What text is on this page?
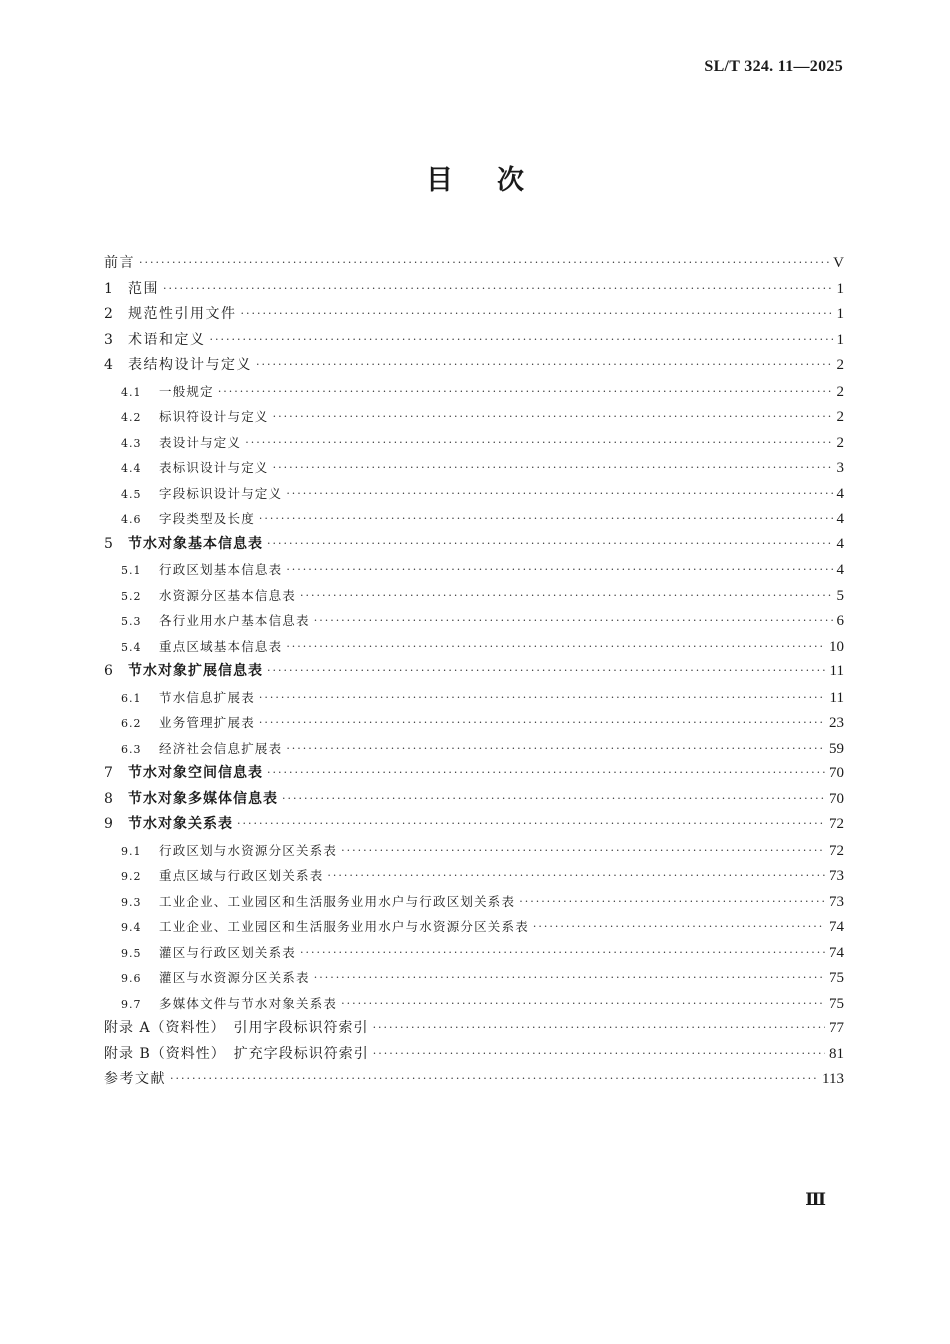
SL/T 324. 11—2025
目 次
前言 ·····	V
1	范围 ·····	1
2	规范性引用文件 ·····	1
3	术语和定义 ·····	1
4	表结构设计与定义 ·····	2
4.1	一般规定 ·····	2
4.2	标识符设计与定义 ·····	2
4.3	表设计与定义 ·····	2
4.4	表标识设计与定义 ·····	3
4.5	字段标识设计与定义 ·····	4
4.6	字段类型及长度 ·····	4
5	节水对象基本信息表 ·····	4
5.1	行政区划基本信息表 ·····	4
5.2	水资源分区基本信息表 ·····	5
5.3	各行业用水户基本信息表 ·····	6
5.4	重点区域基本信息表 ·····	10
6	节水对象扩展信息表 ·····	11
6.1	节水信息扩展表 ·····	11
6.2	业务管理扩展表 ·····	23
6.3	经济社会信息扩展表 ·····	59
7	节水对象空间信息表 ·····	70
8	节水对象多媒体信息表 ·····	70
9	节水对象关系表 ·····	72
9.1	行政区划与水资源分区关系表 ·····	72
9.2	重点区域与行政区划关系表 ·····	73
9.3	工业企业、工业园区和生活服务业用水户与行政区划关系表 ·····	73
9.4	工业企业、工业园区和生活服务业用水户与水资源分区关系表 ·····	74
9.5	灌区与行政区划关系表 ·····	74
9.6	灌区与水资源分区关系表 ·····	75
9.7	多媒体文件与节水对象关系表 ·····	75
附录 A（资料性）　引用字段标识符索引 ·····	77
附录 B（资料性）　扩充字段标识符索引 ·····	81
参考文献 ·····	113
Ⅲ
